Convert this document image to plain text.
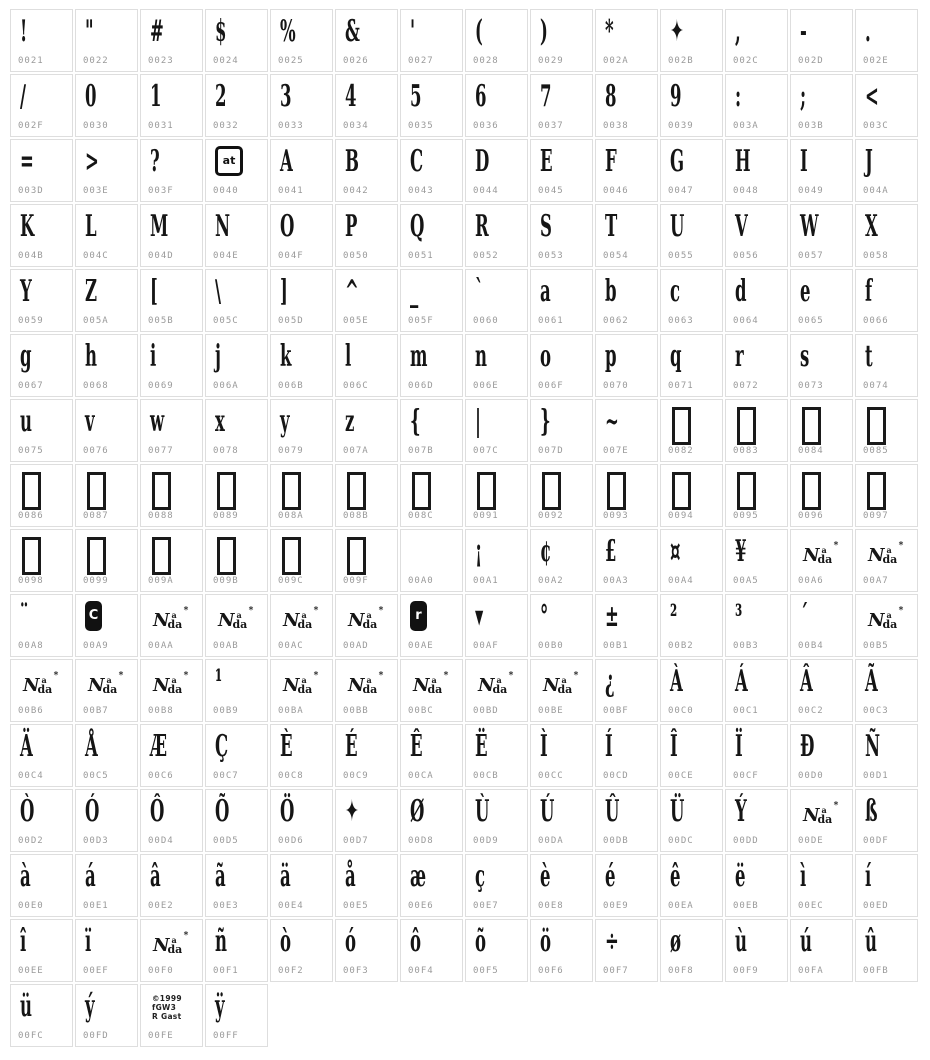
!
0021
"
0022
#
0023
$
0024
%
0025
&
0026
'
0027
(
0028
)
0029
*
002A
✦
002B
,
002C
-
002D
.
002E
/
002F
0
0030
1
0031
2
0032
3
0033
4
0034
5
0035
6
0036
7
0037
8
0038
9
0039
:
003A
;
003B
<
003C
=
003D
>
003E
?
003F
at
0040
A
0041
B
0042
C
0043
D
0044
E
0045
F
0046
G
0047
H
0048
I
0049
J
004A
K
004B
L
004C
M
004D
N
004E
O
004F
P
0050
Q
0051
R
0052
S
0053
T
0054
U
0055
V
0056
W
0057
X
0058
Y
0059
Z
005A
[
005B
\
005C
]
005D
^
005E
_
005F
`
0060
a
0061
b
0062
c
0063
d
0064
e
0065
f
0066
g
0067
h
0068
i
0069
j
006A
k
006B
l
006C
m
006D
n
006E
o
006F
p
0070
q
0071
r
0072
s
0073
t
0074
u
0075
v
0076
w
0077
x
0078
y
0079
z
007A
{
007B
|
007C
}
007D
~
007E	0082	0083	0084	0085
0086	0087	0088	0089	008A	008B	008C	0091	0092	0093	0094	0095	0096	0097
0098	0099	009A	009B	009C	009F	00A0
¡
00A1
¢
00A2
£
00A3
¤
00A4
¥
00A5
N a
da
*
00A6
N a
da
*
00A7
¨
00A8
C
00A9
N a
da
*
00AA
N a
da
*
00AB
N a
da
*
00AC
N a
da
*
00AD
r
00AE
▾
00AF
°
00B0
±
00B1
²
00B2
³
00B3
´
00B4
N a
da
*
00B5
N a
da
*
00B6
N a
da
*
00B7
N a
da
*
00B8
¹
00B9
N a
da
*
00BA
N a
da
*
00BB
N a
da
*
00BC
N a
da
*
00BD
N a
da
*
00BE
¿
00BF
À
00C0
Á
00C1
Â
00C2
Ã
00C3
Ä
00C4
Å
00C5
Æ
00C6
Ç
00C7
È
00C8
É
00C9
Ê
00CA
Ë
00CB
Ì
00CC
Í
00CD
Î
00CE
Ï
00CF
Ð
00D0
Ñ
00D1
Ò
00D2
Ó
00D3
Ô
00D4
Õ
00D5
Ö
00D6
✦
00D7
Ø
00D8
Ù
00D9
Ú
00DA
Û
00DB
Ü
00DC
Ý
00DD
N a
da
*
00DE
ß
00DF
à
00E0
á
00E1
â
00E2
ã
00E3
ä
00E4
å
00E5
æ
00E6
ç
00E7
è
00E8
é
00E9
ê
00EA
ë
00EB
ì
00EC
í
00ED
î
00EE
ï
00EF
N a
da
*
00F0
ñ
00F1
ò
00F2
ó
00F3
ô
00F4
õ
00F5
ö
00F6
÷
00F7
ø
00F8
ù
00F9
ú
00FA
û
00FB
ü
00FC
ý
00FD
©1999
fGW3
R Gast
00FE
ÿ
00FF
